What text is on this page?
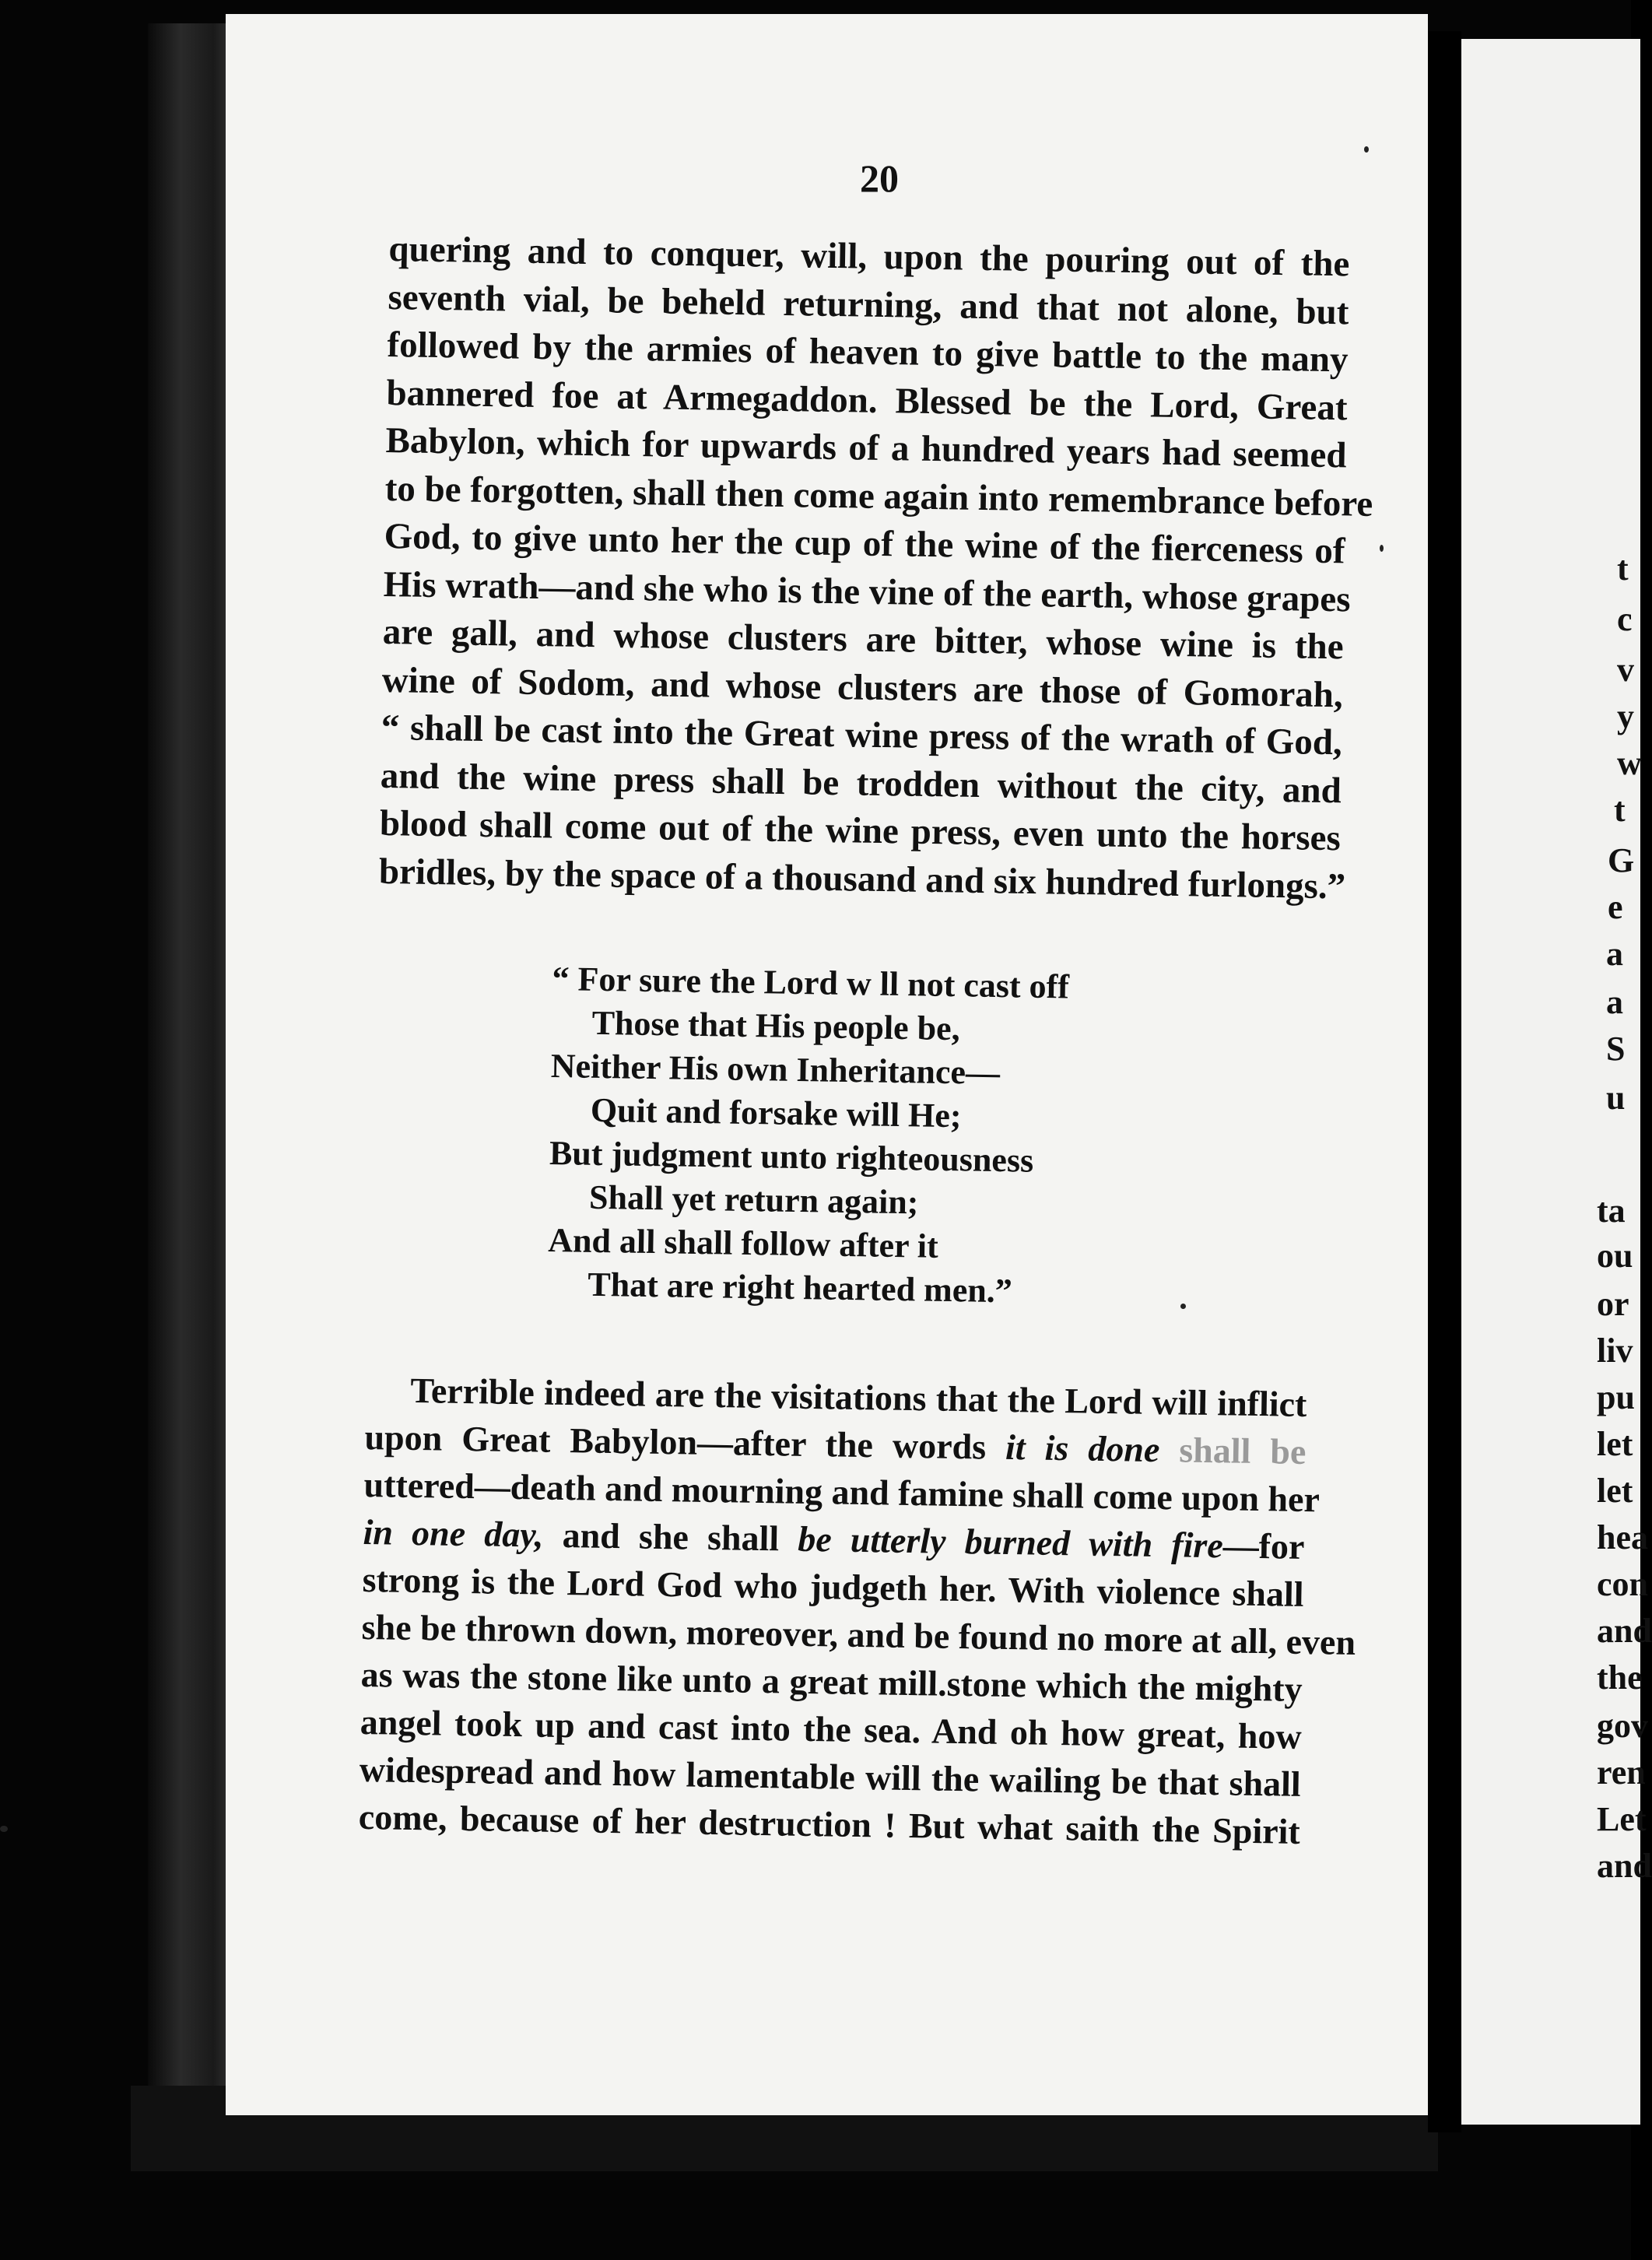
20
quering and to conquer, will, upon the pouring out of the
seventh vial, be beheld returning, and that not alone, but
followed by the armies of heaven to give battle to the many
bannered foe at Armegaddon. Blessed be the Lord, Great
Babylon, which for upwards of a hundred years had seemed
to be forgotten, shall then come again into remembrance before
God, to give unto her the cup of the wine of the fierceness of
His wrath—and she who is the vine of the earth, whose grapes
are gall, and whose clusters are bitter, whose wine is the
wine of Sodom, and whose clusters are those of Gomorah,
“ shall be cast into the Great wine press of the wrath of God,
and the wine press shall be trodden without the city, and
blood shall come out of the wine press, even unto the horses
bridles, by the space of a thousand and six hundred furlongs.”
“ For sure the Lord w ll not cast off
Those that His people be,
Neither His own Inheritance—
Quit and forsake will He;
But judgment unto righteousness
Shall yet return again;
And all shall follow after it
That are right hearted men.”
Terrible indeed are the visitations that the Lord will inflict
upon Great Babylon—after the words it is done shall be
uttered—death and mourning and famine shall come upon her
in one day, and she shall be utterly burned with fire—for
strong is the Lord God who judgeth her. With violence shall
she be thrown down, moreover, and be found no more at all, even
as was the stone like unto a great mill.stone which the mighty
angel took up and cast into the sea. And oh how great, how
widespread and how lamentable will the wailing be that shall
come, because of her destruction ! But what saith the Spirit
t
c
v
y
w
t
G
e
a
a
S
u
ta
ou
or
liv
pu
let
let
hea
con
and
the
gov
ren
Let
and
